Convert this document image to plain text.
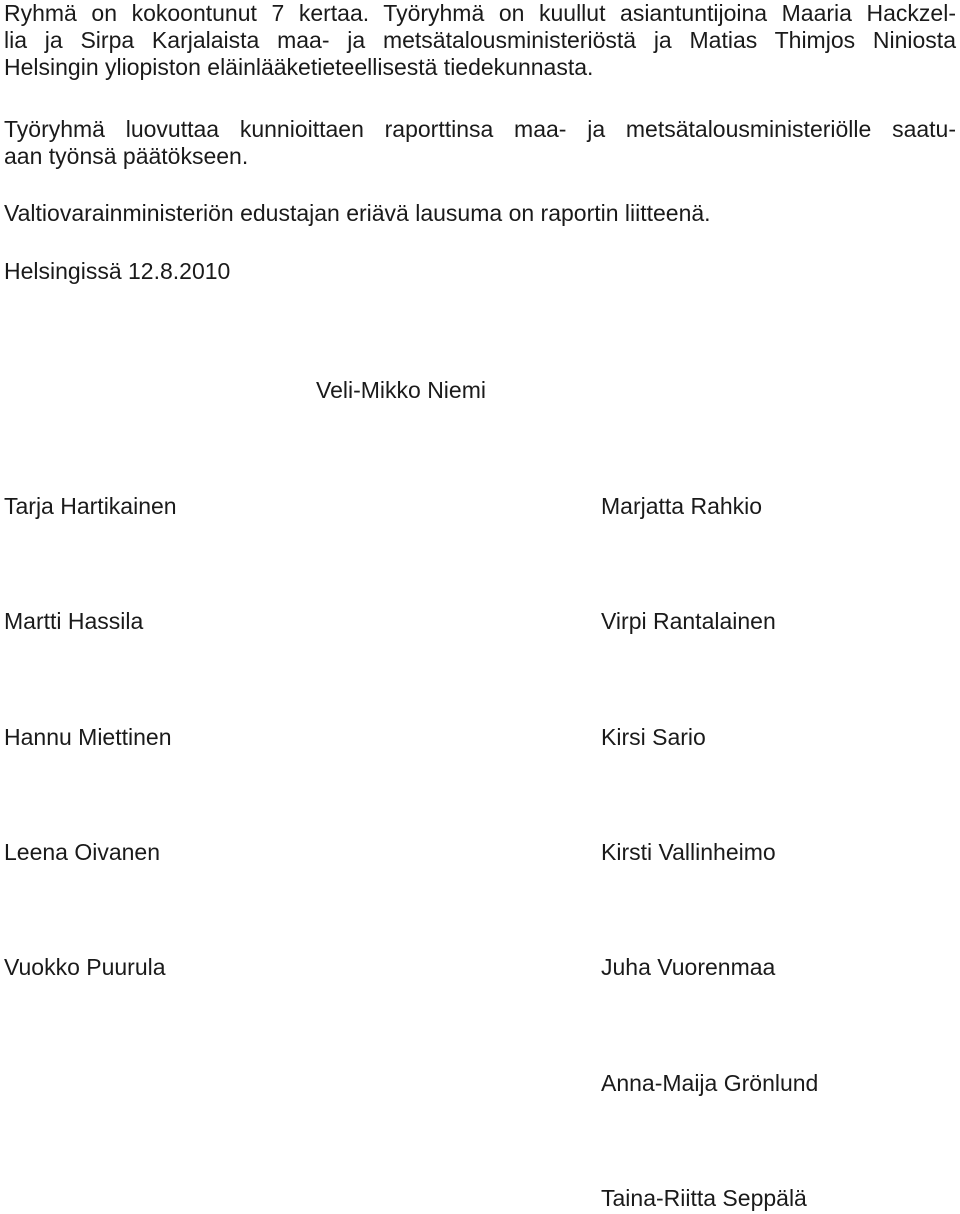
Ryhmä on kokoontunut 7 kertaa. Työryhmä on kuullut asiantuntijoina Maaria Hackzel-
lia ja Sirpa Karjalaista maa- ja metsätalousministeriöstä ja Matias Thimjos Niniosta
Helsingin yliopiston eläinlääketieteellisestä tiedekunnasta.

Työryhmä luovuttaa kunnioittaen raporttinsa maa- ja metsätalousministeriölle saatu-
aan työnsä päätökseen.

Valtiovarainministeriön edustajan eriävä lausuma on raportin liitteenä.

Helsingissä 12.8.2010

Veli-Mikko Niemi
Tarja Hartikainen
Martti Hassila
Hannu Miettinen
Leena Oivanen
Vuokko Puurula
Marjatta Rahkio
Virpi Rantalainen
Kirsi Sario
Kirsti Vallinheimo
Juha Vuorenmaa
Anna-Maija Grönlund
Taina-Riitta Seppälä
